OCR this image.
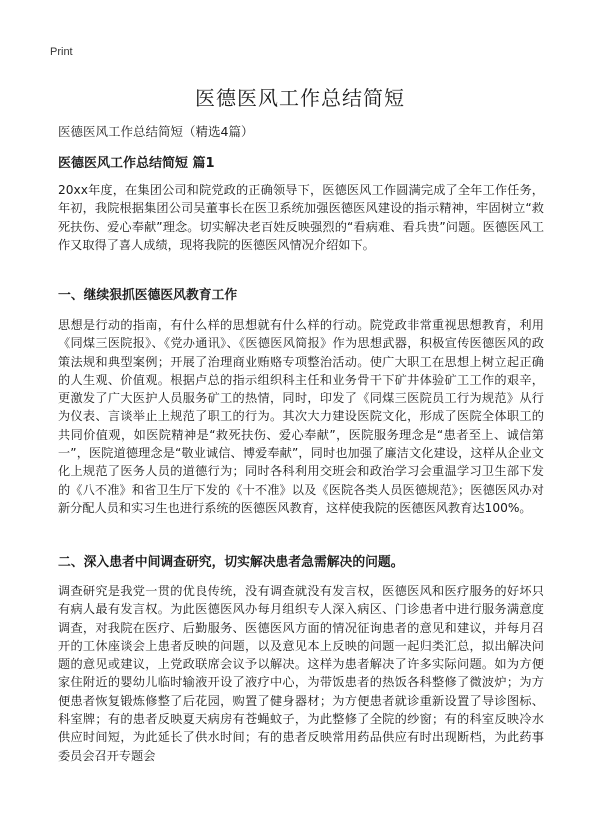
Print
医德医风工作总结简短

医德医风工作总结简短（精选4篇）

医德医风工作总结简短 篇1

20xx年度，在集团公司和院党政的正确领导下，医德医风工作圆满完成了全年工作任务，年初，我院根据集团公司吴董事长在医卫系统加强医德医风建设的指示精神，牢固树立“救死扶伤、爱心奉献”理念。切实解决老百姓反映强烈的“看病难、看兵贵”问题。医德医风工作又取得了喜人成绩，现将我院的医德医风情况介绍如下。

一、继续狠抓医德医风教育工作

思想是行动的指南，有什么样的思想就有什么样的行动。院党政非常重视思想教育，利用《同煤三医院报》、《党办通讯》、《医德医风简报》作为思想武器，积极宣传医德医风的政策法规和典型案例；开展了治理商业贿赂专项整治活动。使广大职工在思想上树立起正确的人生观、价值观。根据卢总的指示组织科主任和业务骨干下矿井体验矿工工作的艰辛，更激发了广大医护人员服务矿工的热情，同时，印发了《同煤三医院员工行为规范》从行为仪表、言谈举止上规范了职工的行为。其次大力建设医院文化，形成了医院全体职工的共同价值观，如医院精神是“救死扶伤、爱心奉献”，医院服务理念是“患者至上、诚信第一”，医院道德理念是“敬业诚信、博爱奉献”，同时也加强了廉洁文化建设，这样从企业文化上规范了医务人员的道德行为；同时各科利用交班会和政治学习会重温学习卫生部下发的《八不准》和省卫生厅下发的《十不准》以及《医院各类人员医德规范》；医德医风办对新分配人员和实习生也进行系统的医德医风教育，这样使我院的医德医风教育达100%。

二、深入患者中间调查研究，切实解决患者急需解决的问题。

调查研究是我党一贯的优良传统，没有调查就没有发言权，医德医风和医疗服务的好坏只有病人最有发言权。为此医德医风办每月组织专人深入病区、门诊患者中进行服务满意度调查，对我院在医疗、后勤服务、医德医风方面的情况征询患者的意见和建议，并每月召开的工休座谈会上患者反映的问题，以及意见本上反映的问题一起归类汇总，拟出解决问题的意见或建议，上党政联席会议予以解决。这样为患者解决了许多实际问题。如为方便家住附近的婴幼儿临时输液开设了液疗中心，为带饭患者的热饭各科整修了微波炉；为方便患者恢复锻炼修整了后花园，购置了健身器材；为方便患者就诊重新设置了导诊图标、科室牌；有的患者反映夏天病房有苍蝇蚊子，为此整修了全院的纱窗；有的科室反映冷水供应时间短，为此延长了供水时间；有的患者反映常用药品供应有时出现断档，为此药事委员会召开专题会
